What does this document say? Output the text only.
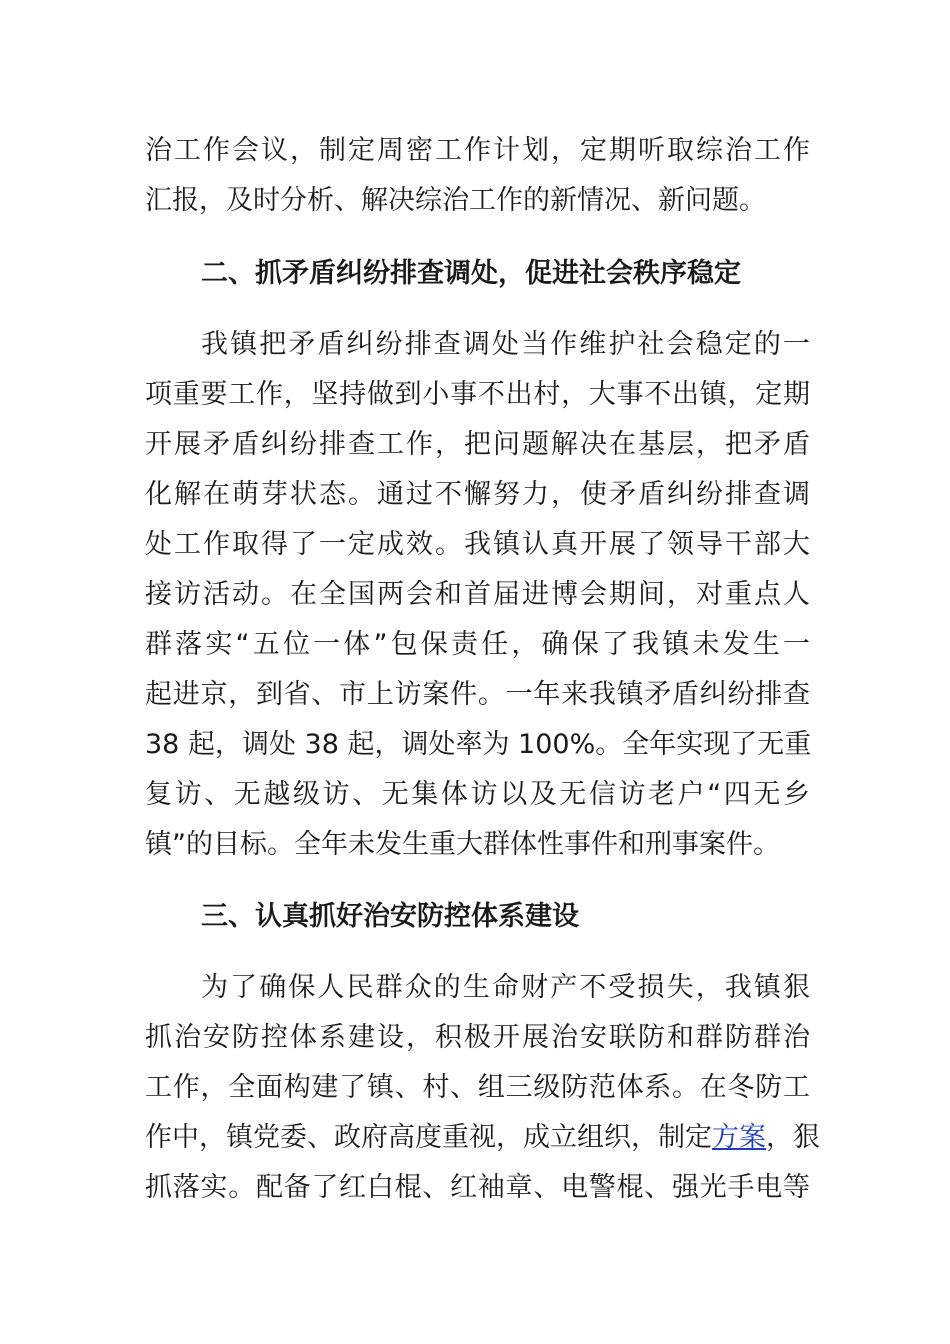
治工作会议，制定周密工作计划，定期听取综治工作
汇报，及时分析、解决综治工作的新情况、新问题。
二、抓矛盾纠纷排查调处，促进社会秩序稳定
我镇把矛盾纠纷排查调处当作维护社会稳定的一
项重要工作，坚持做到小事不出村，大事不出镇，定期
开展矛盾纠纷排查工作，把问题解决在基层，把矛盾
化解在萌芽状态。通过不懈努力，使矛盾纠纷排查调
处工作取得了一定成效。我镇认真开展了领导干部大
接访活动。在全国两会和首届进博会期间，对重点人
群落实“五位一体”包保责任，确保了我镇未发生一
起进京，到省、市上访案件。一年来我镇矛盾纠纷排查
38 起，调处 38 起，调处率为 100%。全年实现了无重
复访、无越级访、无集体访以及无信访老户“四无乡
镇”的目标。全年未发生重大群体性事件和刑事案件。
三、认真抓好治安防控体系建设
为了确保人民群众的生命财产不受损失，我镇狠
抓治安防控体系建设，积极开展治安联防和群防群治
工作，全面构建了镇、村、组三级防范体系。在冬防工
作中，镇党委、政府高度重视，成立组织，制定方案，狠
抓落实。配备了红白棍、红袖章、电警棍、强光手电等
